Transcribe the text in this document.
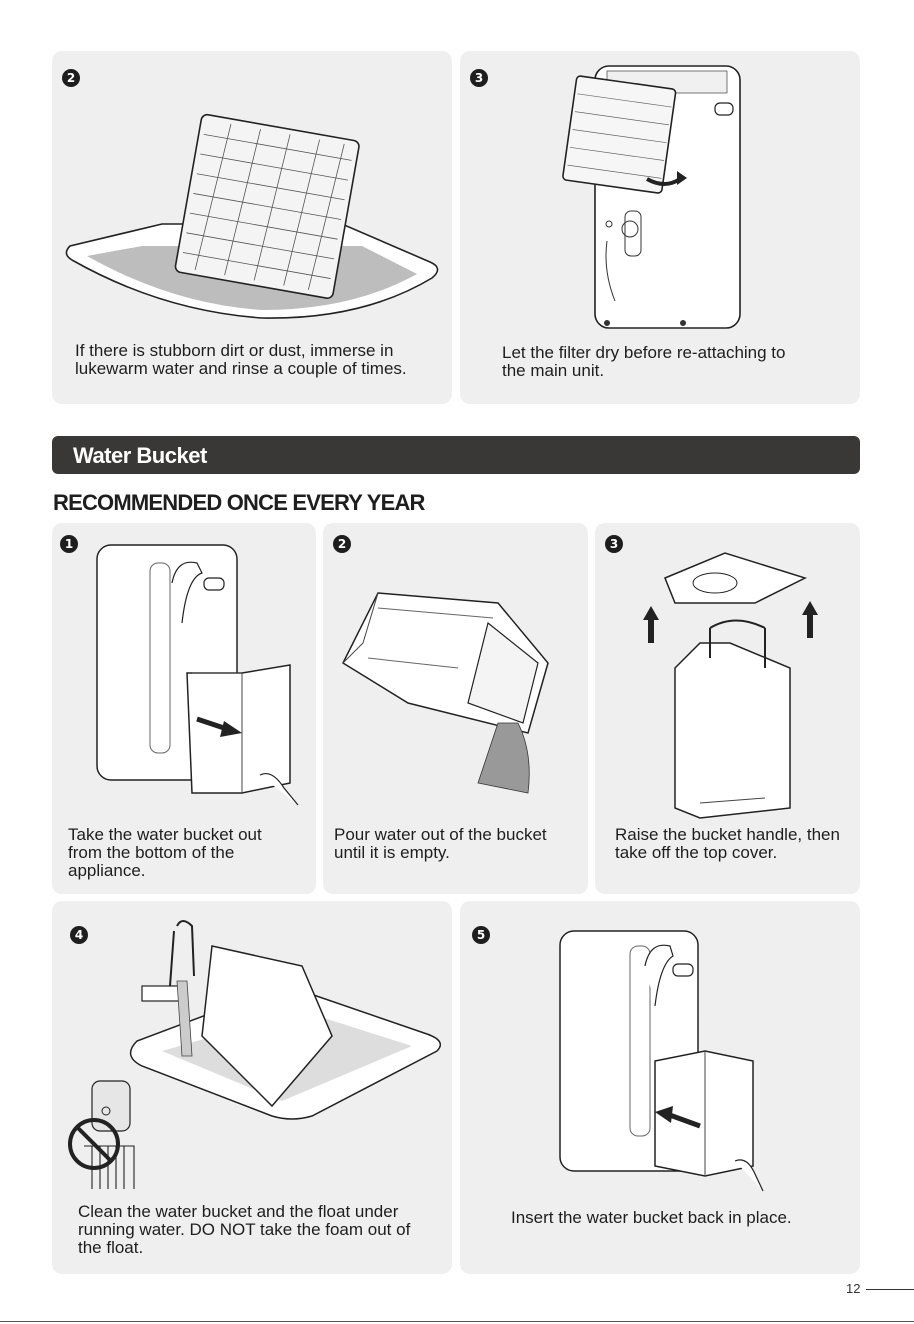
2
If there is stubborn dirt or dust, immerse in
lukewarm water and rinse a couple of times.
3
Let the filter dry before re-attaching to
the main unit.
Water Bucket
RECOMMENDED ONCE EVERY YEAR
1
Take the water bucket out
from the bottom of the
appliance.
2
Pour water out of the bucket
until it is empty.
3
Raise the bucket handle, then
take off the top cover.
4
Clean the water bucket and the float under
running water. DO NOT take the foam out of
the float.
5
Insert the water bucket back in place.
12
